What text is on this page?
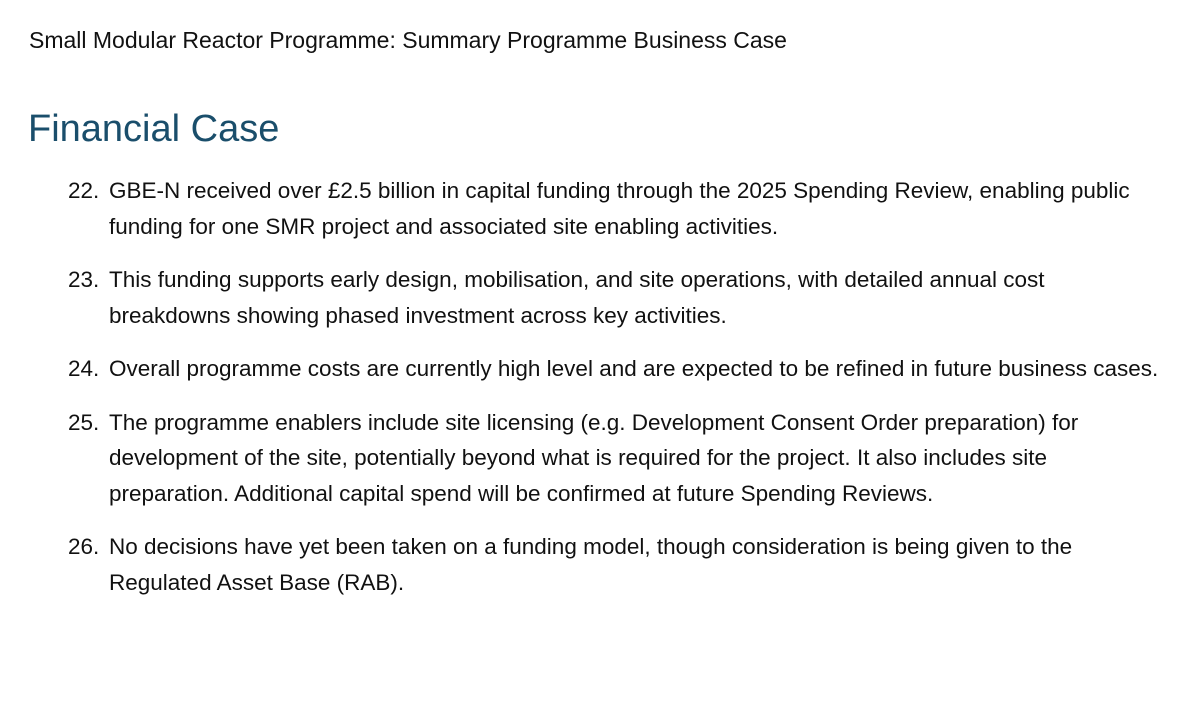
Small Modular Reactor Programme: Summary Programme Business Case
Financial Case
22. GBE-N received over £2.5 billion in capital funding through the 2025 Spending Review, enabling public funding for one SMR project and associated site enabling activities.
23. This funding supports early design, mobilisation, and site operations, with detailed annual cost breakdowns showing phased investment across key activities.
24. Overall programme costs are currently high level and are expected to be refined in future business cases.
25. The programme enablers include site licensing (e.g. Development Consent Order preparation) for development of the site, potentially beyond what is required for the project. It also includes site preparation. Additional capital spend will be confirmed at future Spending Reviews.
26. No decisions have yet been taken on a funding model, though consideration is being given to the Regulated Asset Base (RAB).
